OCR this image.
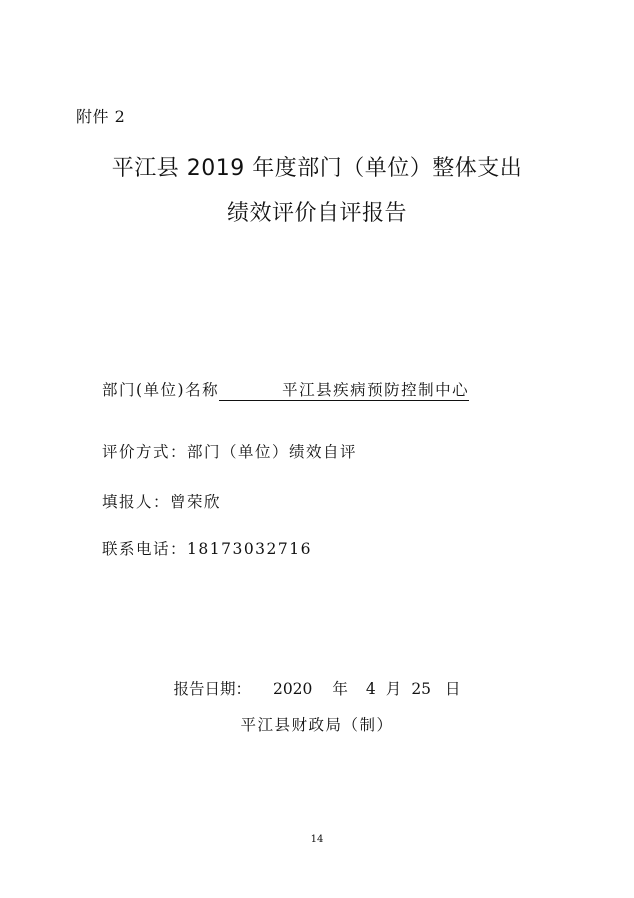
附件 2
平江县 2019 年度部门（单位）整体支出
绩效评价自评报告
部门(单位)名称	平江县疾病预防控制中心
评价方式：部门（单位）绩效自评
填报人：曾荣欣
联系电话：18173032716
报告日期： 2020 年 4 月 25 日
平江县财政局（制）
14
